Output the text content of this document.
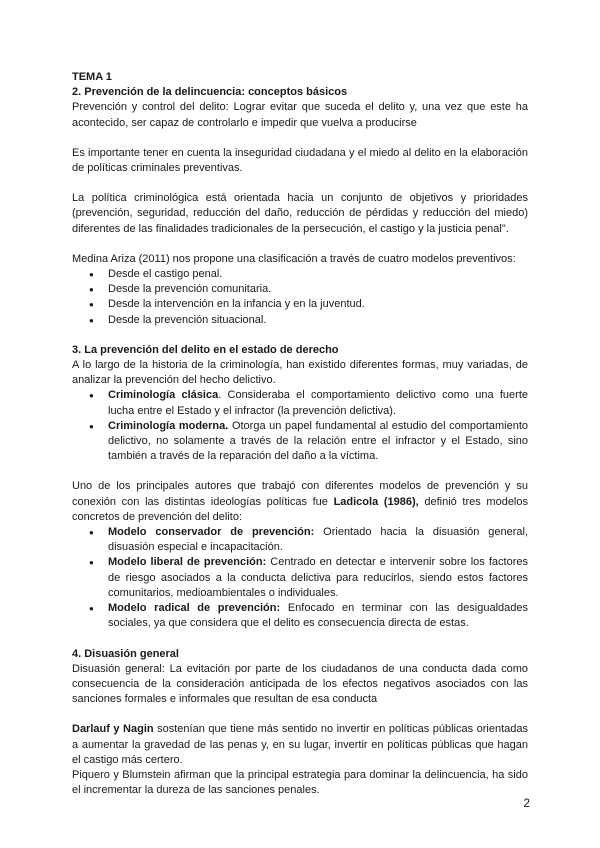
TEMA 1

2. Prevención de la delincuencia: conceptos básicos

Prevención y control del delito: Lograr evitar que suceda el delito y, una vez que este ha acontecido, ser capaz de controlarlo e impedir que vuelva a producirse

Es importante tener en cuenta la inseguridad ciudadana y el miedo al delito en la elaboración de políticas criminales preventivas.

La política criminológica está orientada hacia un conjunto de objetivos y prioridades (prevención, seguridad, reducción del daño, reducción de pérdidas y reducción del miedo) diferentes de las finalidades tradicionales de la persecución, el castigo y la justicia penal".

Medina Ariza (2011) nos propone una clasificación a través de cuatro modelos preventivos:

● Desde el castigo penal.
● Desde la prevención comunitaria.
● Desde la intervención en la infancia y en la juventud.
● Desde la prevención situacional.

3. La prevención del delito en el estado de derecho

A lo largo de la historia de la criminología, han existido diferentes formas, muy variadas, de analizar la prevención del hecho delictivo.

● Criminología clásica. Consideraba el comportamiento delictivo como una fuerte lucha entre el Estado y el infractor (la prevención delictiva).
● Criminología moderna. Otorga un papel fundamental al estudio del comportamiento delictivo, no solamente a través de la relación entre el infractor y el Estado, sino también a través de la reparación del daño a la víctima.

Uno de los principales autores que trabajó con diferentes modelos de prevención y su conexión con las distintas ideologías políticas fue Ladicola (1986), definió tres modelos concretos de prevención del delito:

● Modelo conservador de prevención: Orientado hacia la disuasión general, disuasión especial e incapacitación.
● Modelo liberal de prevención: Centrado en detectar e intervenir sobre los factores de riesgo asociados a la conducta delictiva para reducirlos, siendo estos factores comunitarios, medioambientales o individuales.
● Modelo radical de prevención: Enfocado en terminar con las desigualdades sociales, ya que considera que el delito es consecuencia directa de estas.

4. Disuasión general

Disuasión general: La evitación por parte de los ciudadanos de una conducta dada como consecuencia de la consideración anticipada de los efectos negativos asociados con las sanciones formales e informales que resultan de esa conducta

Darlauf y Nagin sostenían que tiene más sentido no invertir en políticas públicas orientadas a aumentar la gravedad de las penas y, en su lugar, invertir en políticas públicas que hagan el castigo más certero.

Piquero y Blumstein afirman que la principal estrategia para dominar la delincuencia, ha sido el incrementar la dureza de las sanciones penales.

2
